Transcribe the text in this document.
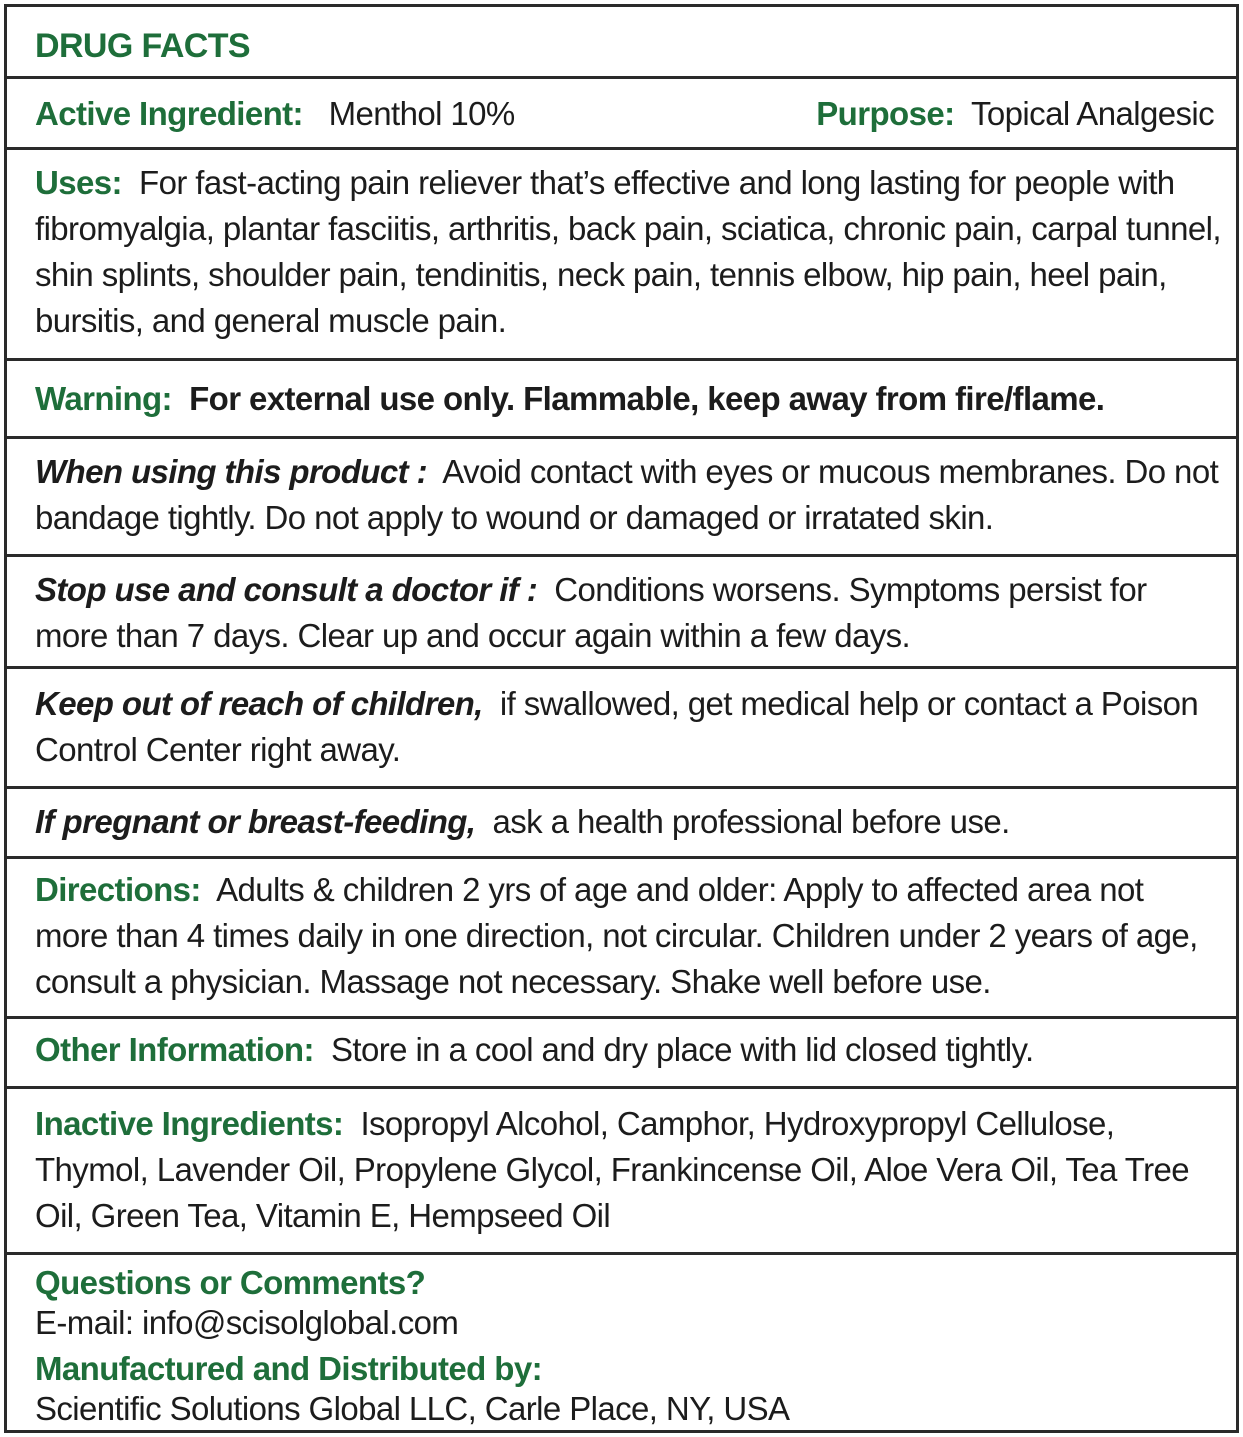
DRUG FACTS
Active Ingredient: Menthol 10%	Purpose: Topical Analgesic
Uses: For fast-acting pain reliever that’s effective and long lasting for people with fibromyalgia, plantar fasciitis, arthritis, back pain, sciatica, chronic pain, carpal tunnel, shin splints, shoulder pain, tendinitis, neck pain, tennis elbow, hip pain, heel pain, bursitis, and general muscle pain.
Warning: For external use only. Flammable, keep away from fire/flame.
When using this product : Avoid contact with eyes or mucous membranes. Do not bandage tightly. Do not apply to wound or damaged or irratated skin.
Stop use and consult a doctor if : Conditions worsens. Symptoms persist for more than 7 days. Clear up and occur again within a few days.
Keep out of reach of children, if swallowed, get medical help or contact a Poison Control Center right away.
If pregnant or breast-feeding, ask a health professional before use.
Directions: Adults & children 2 yrs of age and older: Apply to affected area not more than 4 times daily in one direction, not circular. Children under 2 years of age, consult a physician. Massage not necessary. Shake well before use.
Other Information: Store in a cool and dry place with lid closed tightly.
Inactive Ingredients: Isopropyl Alcohol, Camphor, Hydroxypropyl Cellulose, Thymol, Lavender Oil, Propylene Glycol, Frankincense Oil, Aloe Vera Oil, Tea Tree Oil, Green Tea, Vitamin E, Hempseed Oil
Questions or Comments?
E-mail: info@scisolglobal.com
Manufactured and Distributed by:
Scientific Solutions Global LLC, Carle Place, NY, USA
